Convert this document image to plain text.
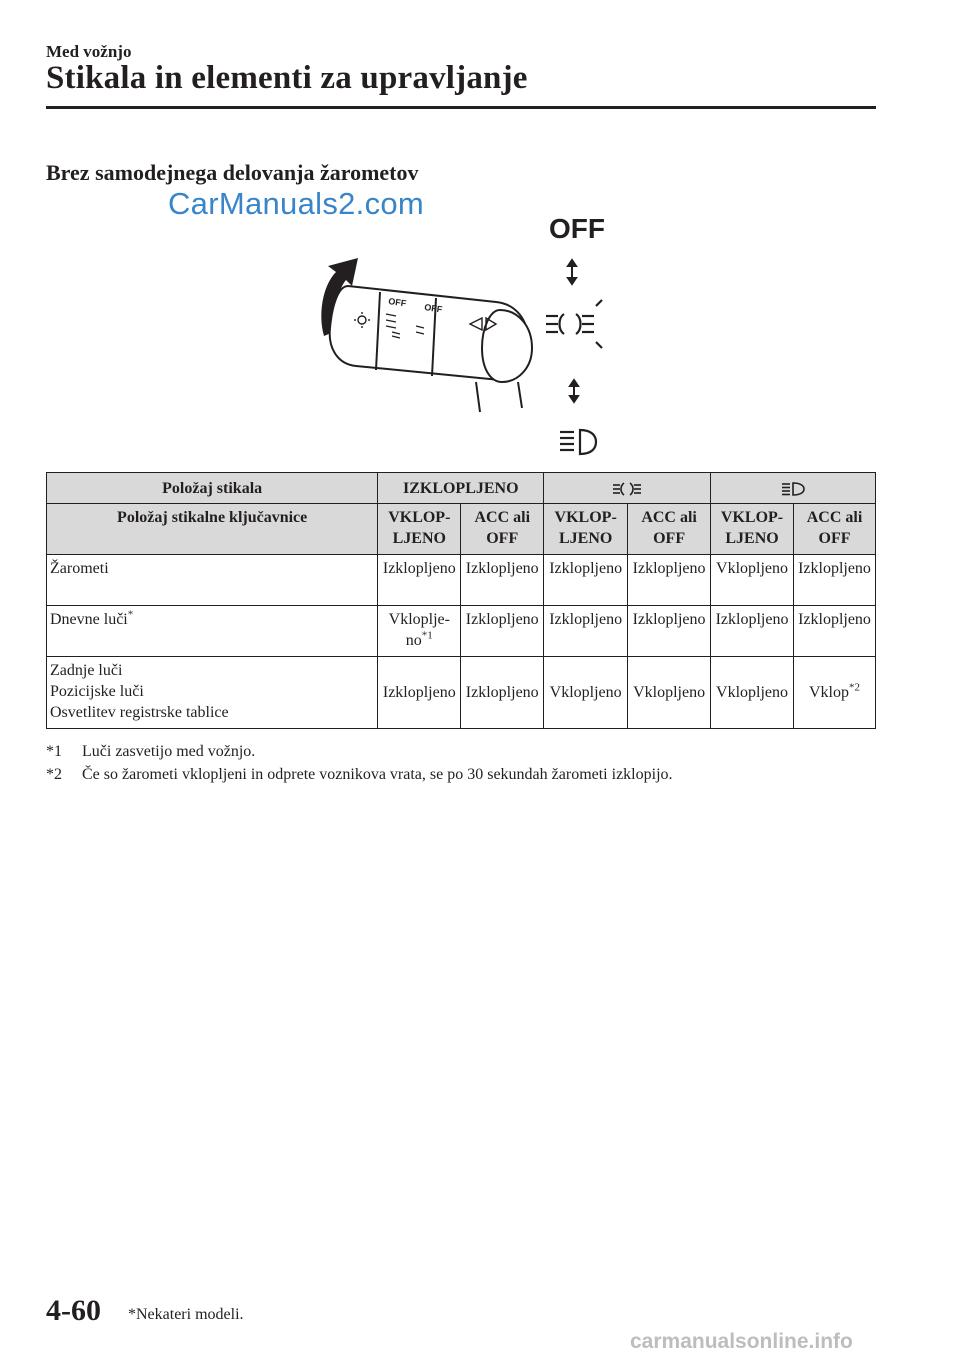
Med vožnjo
Stikala in elementi za upravljanje
Brez samodejnega delovanja žarometov
OFF
OFF OFF
Položaj stikala	IZKLOPLJENO		
Položaj stikalne ključavnice	VKLOP-LJENO	ACC ali OFF	VKLOP-LJENO	ACC ali OFF	VKLOP-LJENO	ACC ali OFF
Žarometi	Izklopljeno	Izklopljeno	Izklopljeno	Izklopljeno	Vklopljeno	Izklopljeno
Dnevne luči*	Vklopljeno$^{*1}$	Izklopljeno	Izklopljeno	Izklopljeno	Izklopljeno	Izklopljeno

Zadnje luči
Pozicijske luči
Osvetlitev registrske tablice	Izklopljeno	Izklopljeno	Vklopljeno	Vklopljeno	Vklopljeno	Vklop$^{*2}$
*1	Luči zasvetijo med vožnjo.
*2	Če so žarometi vklopljeni in odprete voznikova vrata, se po 30 sekundah žarometi izklopijo.
4-60 *Nekateri modeli.
CarManuals2.com
carmanualsonline.info
